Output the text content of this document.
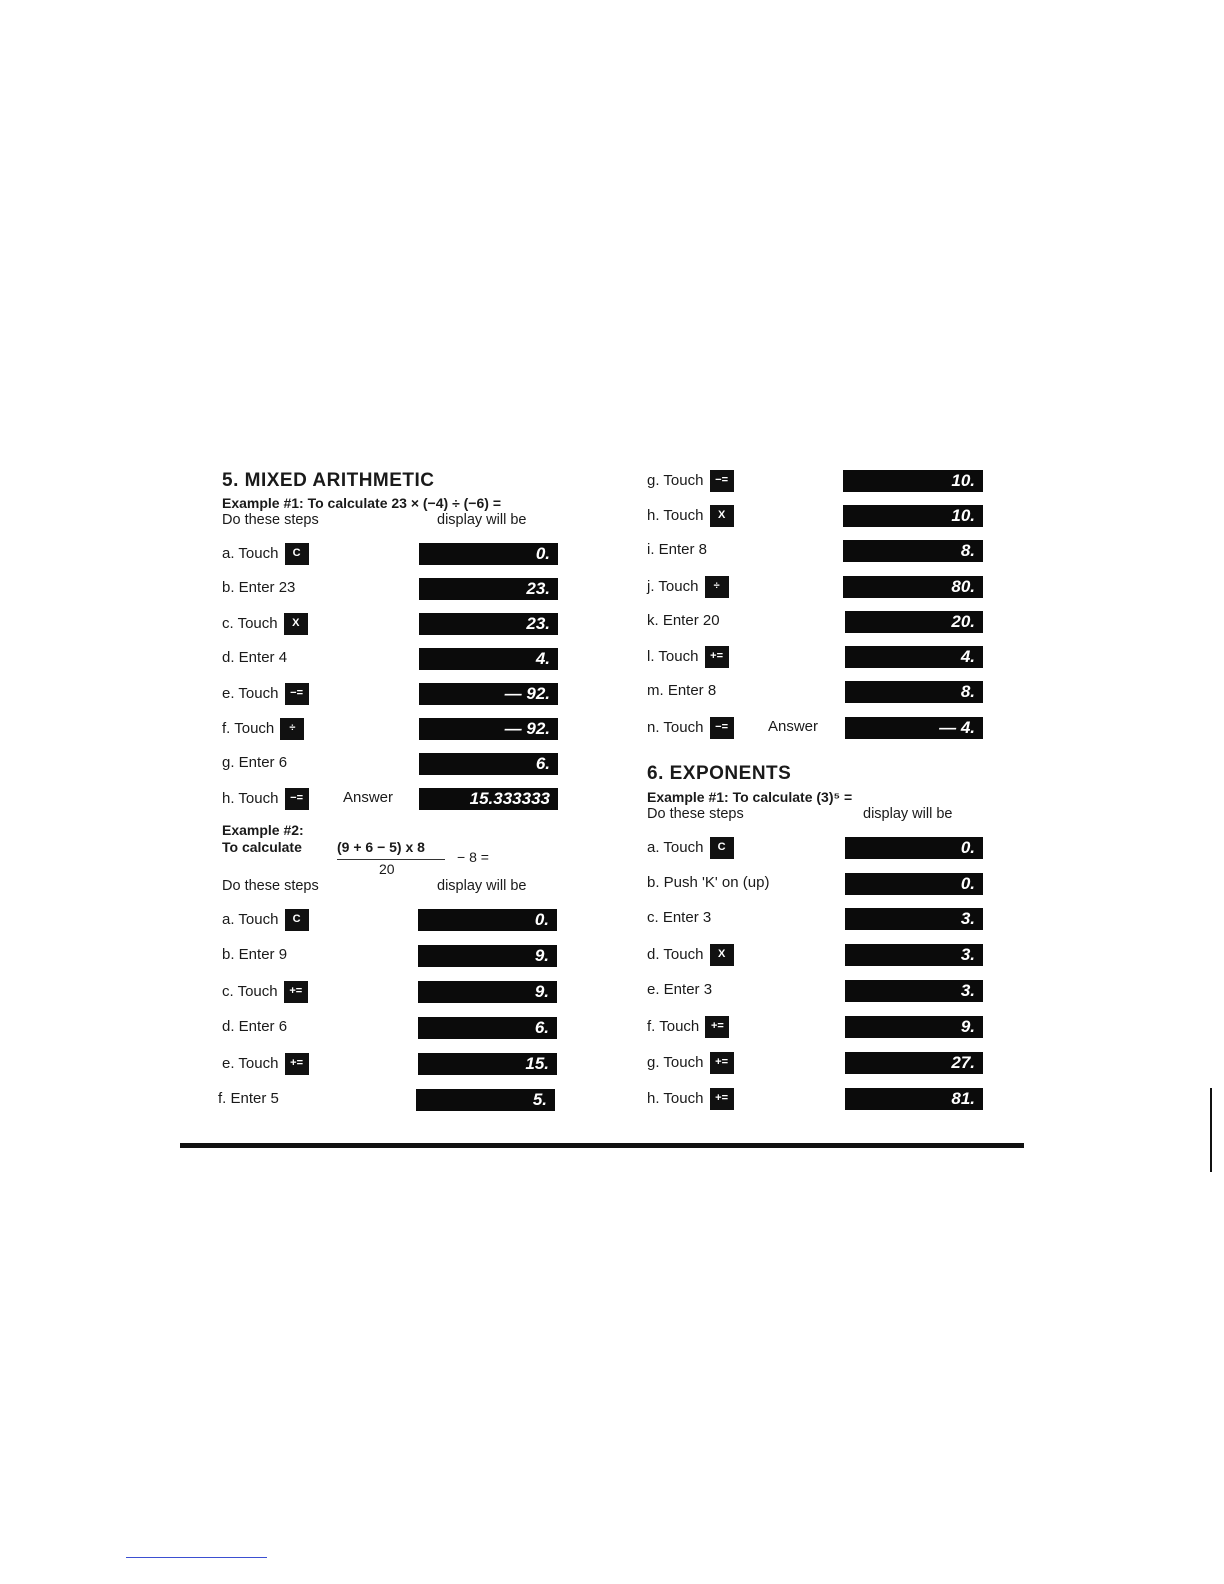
5. MIXED ARITHMETIC
Example #1: To calculate 23 × (−4) ÷ (−6) =
Do these steps	display will be
a. Touch C	0.
b. Enter 23	23.
c. Touch X	23.
d. Enter 4	4.
e. Touch −=	— 92.
f. Touch ÷	— 92.
g. Enter 6	6.
h. Touch −=	Answer	15.333333
Example #2:
To calculate	(9 + 6 − 5) x 8
20
− 8 =
Do these steps	display will be
a. Touch C	0.
b. Enter 9	9.
c. Touch +=	9.
d. Enter 6	6.
e. Touch +=	15.
f. Enter 5	5.
g. Touch −=	10.
h. Touch X	10.
i. Enter 8	8.
j. Touch ÷	80.
k. Enter 20	20.
l. Touch +=	4.
m. Enter 8	8.
n. Touch −=	Answer	— 4.
6. EXPONENTS
Example #1: To calculate (3)⁵ =
Do these steps	display will be
a. Touch C	0.
b. Push 'K' on (up)	0.
c. Enter 3	3.
d. Touch X	3.
e. Enter 3	3.
f. Touch +=	9.
g. Touch +=	27.
h. Touch +=	81.
